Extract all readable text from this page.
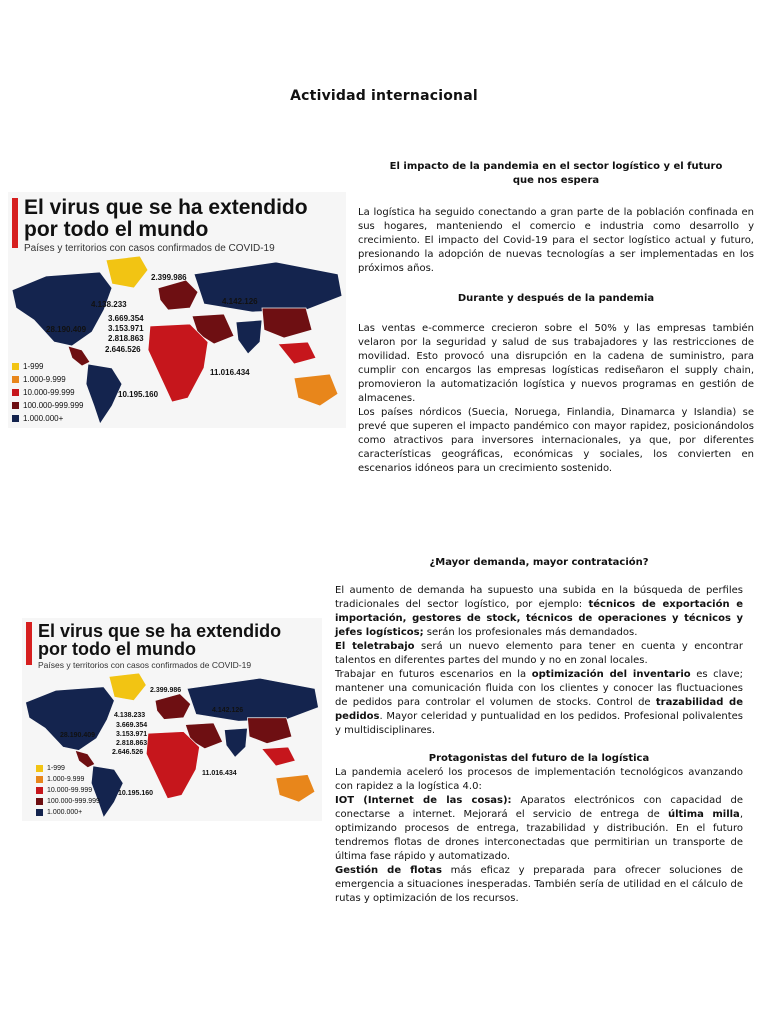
Actividad internacional
El virus que se ha extendido
por todo el mundo
Países y territorios con casos confirmados de COVID-19
1-999
1.000-9.999
10.000-99.999
100.000-999.999
1.000.000+
2.399.986
4.138.233	4.142.126
28.190.409
3.669.354
3.153.971
2.818.863
2.646.526
11.016.434
10.195.160
El impacto de la pandemia en el sector logístico y el futuro que nos espera

La logística ha seguido conectando a gran parte de la población confinada en sus hogares, manteniendo el comercio e industria como desarrollo y crecimiento. El impacto del Covid-19 para el sector logístico actual y futuro, presionando la adopción de nuevas tecnologías a ser implementadas en los próximos años.

Durante y después de la pandemia

Las ventas e-commerce crecieron sobre el 50% y las empresas también velaron por la seguridad y salud de sus trabajadores y las restricciones de movilidad. Esto provocó una disrupción en la cadena de suministro, para cumplir con encargos las empresas logísticas rediseñaron el supply chain, promovieron la automatización logística y nuevos programas en gestión de almacenes.

Los países nórdicos (Suecia, Noruega, Finlandia, Dinamarca y Islandia) se prevé que superen el impacto pandémico con mayor rapidez, posicionándolos como atractivos para inversores internacionales, ya que, por diferentes características geográficas, económicas y sociales, los convierten en escenarios idóneos para un crecimiento sostenido.

El virus que se ha extendido
por todo el mundo
Países y territorios con casos confirmados de COVID-19
1-999
1.000-9.999
10.000-99.999
100.000-999.999
1.000.000+
2.399.986
4.138.233
4.142.126
28.190.409
3.669.354
3.153.971
2.818.863
2.646.526
11.016.434
10.195.160
¿Mayor demanda, mayor contratación?

El aumento de demanda ha supuesto una subida en la búsqueda de perfiles tradicionales del sector logístico, por ejemplo: técnicos de exportación e importación, gestores de stock, técnicos de operaciones y técnicos y jefes logísticos; serán los profesionales más demandados.

El teletrabajo será un nuevo elemento para tener en cuenta y encontrar talentos en diferentes partes del mundo y no en zonal locales.

Trabajar en futuros escenarios en la optimización del inventario es clave; mantener una comunicación fluida con los clientes y conocer las fluctuaciones de pedidos para controlar el volumen de stocks. Control de trazabilidad de pedidos. Mayor celeridad y puntualidad en los pedidos. Profesional polivalentes y multidisciplinares.

Protagonistas del futuro de la logística

La pandemia aceleró los procesos de implementación tecnológicos avanzando con rapidez a la logística 4.0:

IOT (Internet de las cosas): Aparatos electrónicos con capacidad de conectarse a internet. Mejorará el servicio de entrega de última milla, optimizando procesos de entrega, trazabilidad y distribución. En el futuro tendremos flotas de drones interconectadas que permitirian un transporte de última fase rápido y automatizado.

Gestión de flotas más eficaz y preparada para ofrecer soluciones de emergencia a situaciones inesperadas. También sería de utilidad en el cálculo de rutas y optimización de los recursos.
